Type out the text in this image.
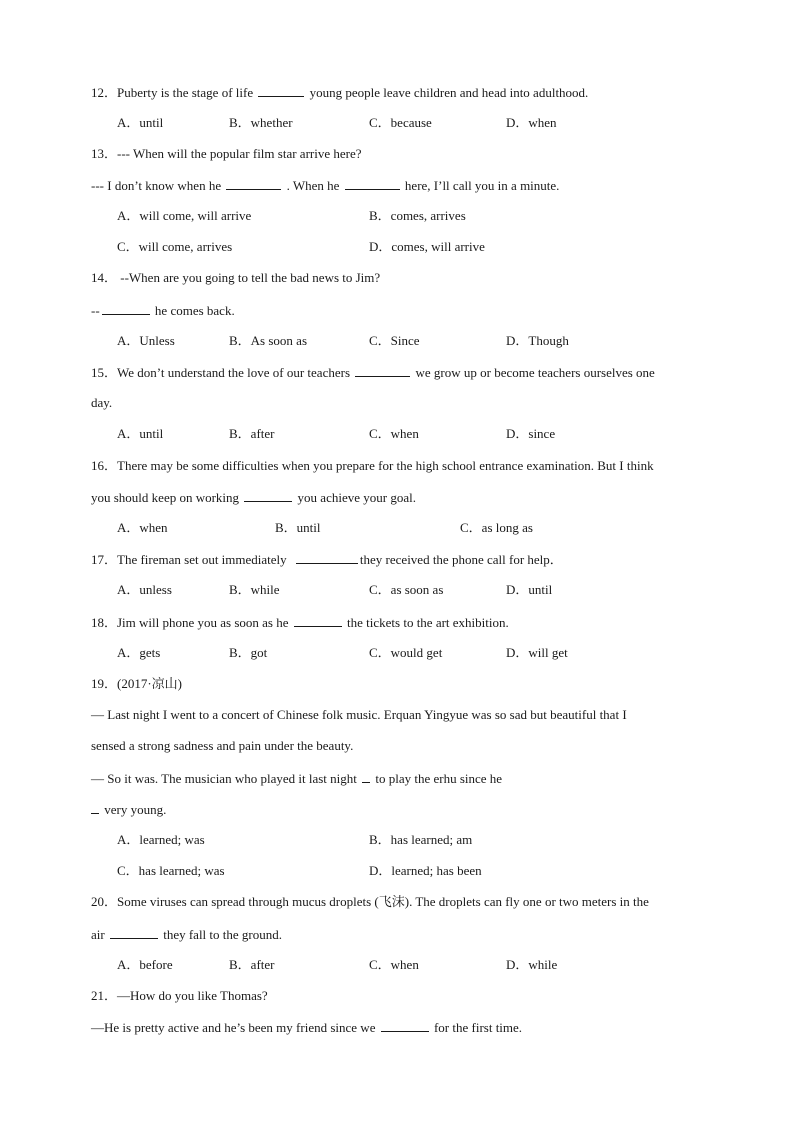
12．Puberty is the stage of life	young people leave children and head into adulthood.
A．until	B．whether	C．because	D．when
13．--- When will the popular film star arrive here?
--- I don’t know when he	. When he	here, I’ll call you in a minute.
A．will come, will arrive	B．comes, arrives
C．will come, arrives	D．comes, will arrive
14． --When are you going to tell the bad news to Jim?
--	he comes back.
A．Unless	B．As soon as	C．Since	D．Though
15．We don’t understand the love of our teachers	we grow up or become teachers ourselves one
day.
A．until	B．after	C．when	D．since
16．There may be some difficulties when you prepare for the high school entrance examination. But I think
you should keep on working	you achieve your goal.
A．when	B．until	C．as long as
17．The fireman set out immediately	they received the phone call for help．
A．unless	B．while	C．as soon as	D．until
18．Jim will phone you as soon as he	the tickets to the art exhibition.
A．gets	B．got	C．would get	D．will get
19．(2017·凉山)
— Last night I went to a concert of Chinese folk music. Erquan Yingyue was so sad but beautiful that I
sensed a strong sadness and pain under the beauty.
— So it was. The musician who played it last night to play the erhu since he
very young.
A．learned; was	B．has learned; am
C．has learned; was	D．learned; has been
20．Some viruses can spread through mucus droplets (飞沫). The droplets can fly one or two meters in the
air	they fall to the ground.
A．before	B．after	C．when	D．while
21．—How do you like Thomas?
—He is pretty active and he’s been my friend since we	for the first time.
